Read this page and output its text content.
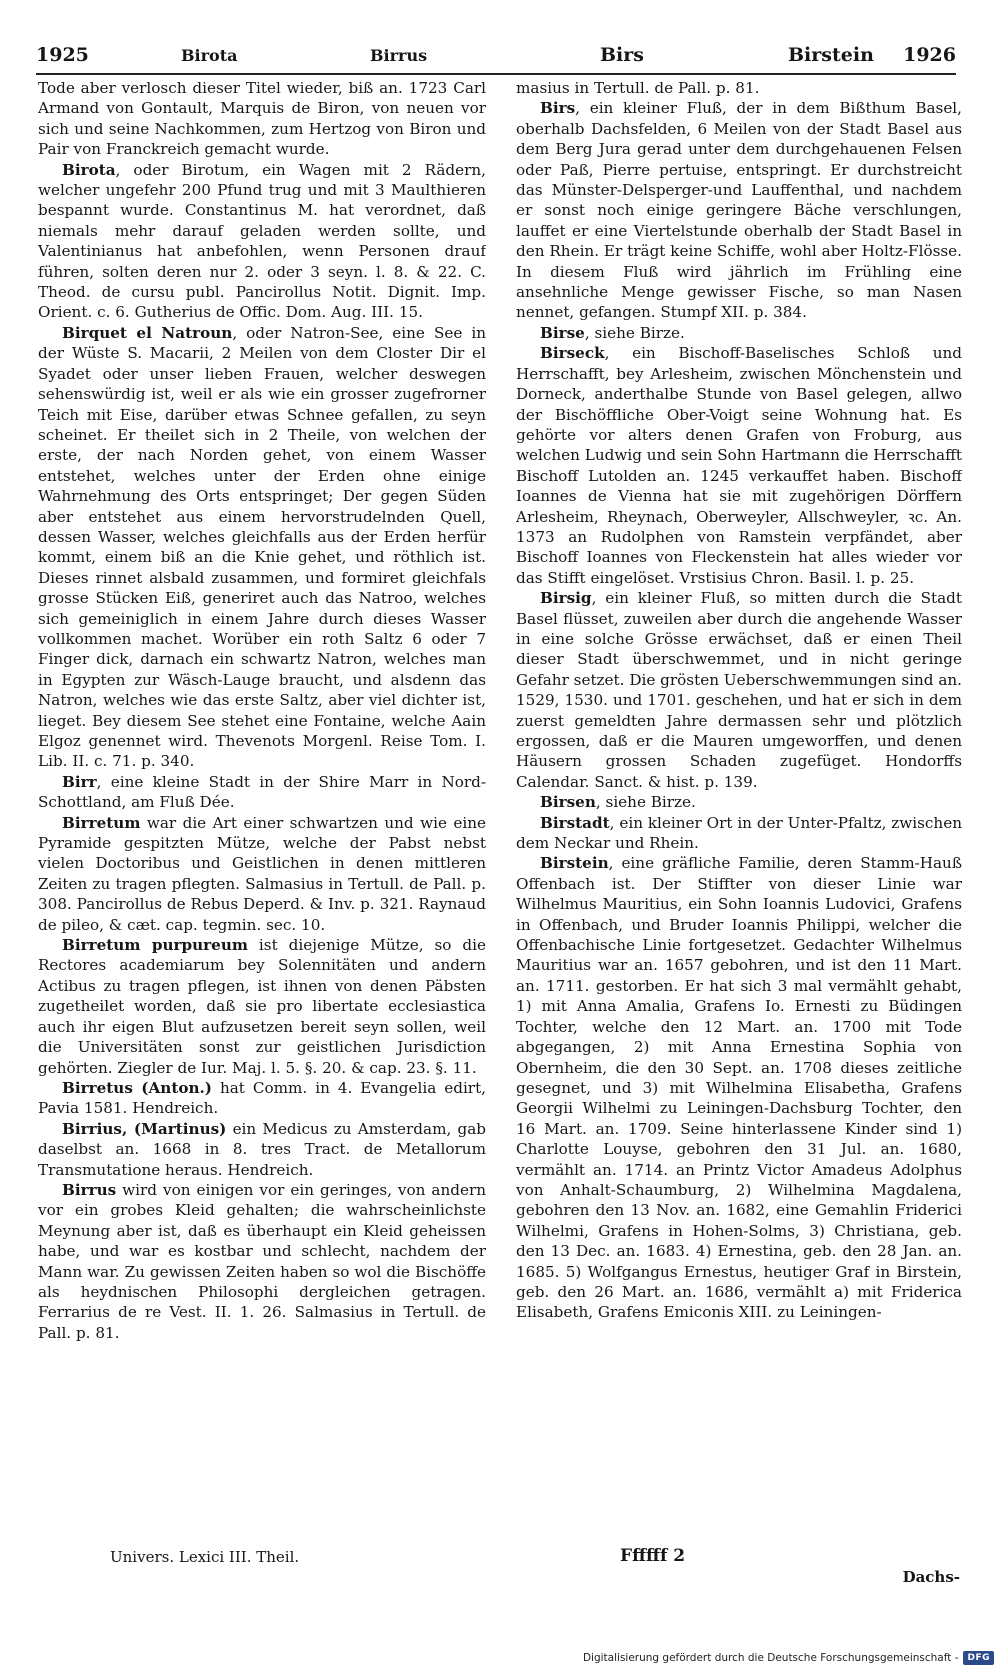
1925	Birota	Birrus	Birs	Birstein 1926

Tode aber verlosch dieser Titel wieder, biß an. 1723 Carl Armand von Gontault, Marquis de Biron, von neuen vor sich und seine Nachkommen, zum Hertzog von Biron und Pair von Franckreich gemacht wurde.

Birota, oder Birotum, ein Wagen mit 2 Rädern, welcher ungefehr 200 Pfund trug und mit 3 Maulthieren bespannt wurde. Constantinus M. hat verordnet, daß niemals mehr darauf geladen werden sollte, und Valentinianus hat anbefohlen, wenn Personen drauf führen, solten deren nur 2. oder 3 seyn. l. 8. & 22. C. Theod. de cursu publ. Pancirollus Notit. Dignit. Imp. Orient. c. 6. Gutherius de Offic. Dom. Aug. III. 15.

Birquet el Natroun, oder Natron-See, eine See in der Wüste S. Macarii, 2 Meilen von dem Closter Dir el Syadet oder unser lieben Frauen, welcher deswegen sehenswürdig ist, weil er als wie ein grosser zugefrorner Teich mit Eise, darüber etwas Schnee gefallen, zu seyn scheinet. Er theilet sich in 2 Theile, von welchen der erste, der nach Norden gehet, von einem Wasser entstehet, welches unter der Erden ohne einige Wahrnehmung des Orts entspringet; Der gegen Süden aber entstehet aus einem hervorstrudelnden Quell, dessen Wasser, welches gleichfalls aus der Erden herfür kommt, einem biß an die Knie gehet, und röthlich ist. Dieses rinnet alsbald zusammen, und formiret gleichfals grosse Stücken Eiß, generiret auch das Natroo, welches sich gemeiniglich in einem Jahre durch dieses Wasser vollkommen machet. Worüber ein roth Saltz 6 oder 7 Finger dick, darnach ein schwartz Natron, welches man in Egypten zur Wäsch-Lauge braucht, und alsdenn das Natron, welches wie das erste Saltz, aber viel dichter ist, lieget. Bey diesem See stehet eine Fontaine, welche Aain Elgoz genennet wird. Thevenots Morgenl. Reise Tom. I. Lib. II. c. 71. p. 340.

Birr, eine kleine Stadt in der Shire Marr in Nord-Schottland, am Fluß Dée.

Birretum war die Art einer schwartzen und wie eine Pyramide gespitzten Mütze, welche der Pabst nebst vielen Doctoribus und Geistlichen in denen mittleren Zeiten zu tragen pflegten. Salmasius in Tertull. de Pall. p. 308. Pancirollus de Rebus Deperd. & Inv. p. 321. Raynaud de pileo, & cæt. cap. tegmin. sec. 10.

Birretum purpureum ist diejenige Mütze, so die Rectores academiarum bey Solennitäten und andern Actibus zu tragen pflegen, ist ihnen von denen Päbsten zugetheilet worden, daß sie pro libertate ecclesiastica auch ihr eigen Blut aufzusetzen bereit seyn sollen, weil die Universitäten sonst zur geistlichen Jurisdiction gehörten. Ziegler de Iur. Maj. l. 5. §. 20. & cap. 23. §. 11.

Birretus (Anton.) hat Comm. in 4. Evangelia edirt, Pavia 1581. Hendreich.

Birrius, (Martinus) ein Medicus zu Amsterdam, gab daselbst an. 1668 in 8. tres Tract. de Metallorum Transmutatione heraus. Hendreich.

Birrus wird von einigen vor ein geringes, von andern vor ein grobes Kleid gehalten; die wahrscheinlichste Meynung aber ist, daß es überhaupt ein Kleid geheissen habe, und war es kostbar und schlecht, nachdem der Mann war. Zu gewissen Zeiten haben so wol die Bischöffe als heydnischen Philosophi dergleichen getragen. Ferrarius de re Vest. II. 1. 26. Salmasius in Tertull. de Pall. p. 81.

masius in Tertull. de Pall. p. 81.

Birs, ein kleiner Fluß, der in dem Bißthum Basel, oberhalb Dachsfelden, 6 Meilen von der Stadt Basel aus dem Berg Jura gerad unter dem durchgehauenen Felsen oder Paß, Pierre pertuise, entspringt. Er durchstreicht das Münster-Delsperger-und Lauffenthal, und nachdem er sonst noch einige geringere Bäche verschlungen, lauffet er eine Viertelstunde oberhalb der Stadt Basel in den Rhein. Er trägt keine Schiffe, wohl aber Holtz-Flösse. In diesem Fluß wird jährlich im Frühling eine ansehnliche Menge gewisser Fische, so man Nasen nennet, gefangen. Stumpf XII. p. 384.

Birse, siehe Birze.

Birseck, ein Bischoff-Baselisches Schloß und Herrschafft, bey Arlesheim, zwischen Mönchenstein und Dorneck, anderthalbe Stunde von Basel gelegen, allwo der Bischöffliche Ober-Voigt seine Wohnung hat. Es gehörte vor alters denen Grafen von Froburg, aus welchen Ludwig und sein Sohn Hartmann die Herrschafft Bischoff Lutolden an. 1245 verkauffet haben. Bischoff Ioannes de Vienna hat sie mit zugehörigen Dörffern Arlesheim, Rheynach, Oberweyler, Allschweyler, ꝛc. An. 1373 an Rudolphen von Ramstein verpfändet, aber Bischoff Ioannes von Fleckenstein hat alles wieder vor das Stifft eingelöset. Vrstisius Chron. Basil. l. p. 25.

Birsig, ein kleiner Fluß, so mitten durch die Stadt Basel flüsset, zuweilen aber durch die angehende Wasser in eine solche Grösse erwächset, daß er einen Theil dieser Stadt überschwemmet, und in nicht geringe Gefahr setzet. Die grösten Ueberschwemmungen sind an. 1529, 1530. und 1701. geschehen, und hat er sich in dem zuerst gemeldten Jahre dermassen sehr und plötzlich ergossen, daß er die Mauren umgeworffen, und denen Häusern grossen Schaden zugefüget. Hondorffs Calendar. Sanct. & hist. p. 139.

Birsen, siehe Birze.

Birstadt, ein kleiner Ort in der Unter-Pfaltz, zwischen dem Neckar und Rhein.

Birstein, eine gräfliche Familie, deren Stamm-Hauß Offenbach ist. Der Stiffter von dieser Linie war Wilhelmus Mauritius, ein Sohn Ioannis Ludovici, Grafens in Offenbach, und Bruder Ioannis Philippi, welcher die Offenbachische Linie fortgesetzet. Gedachter Wilhelmus Mauritius war an. 1657 gebohren, und ist den 11 Mart. an. 1711. gestorben. Er hat sich 3 mal vermählt gehabt, 1) mit Anna Amalia, Grafens Io. Ernesti zu Büdingen Tochter, welche den 12 Mart. an. 1700 mit Tode abgegangen, 2) mit Anna Ernestina Sophia von Obernheim, die den 30 Sept. an. 1708 dieses zeitliche gesegnet, und 3) mit Wilhelmina Elisabetha, Grafens Georgii Wilhelmi zu Leiningen-Dachsburg Tochter, den 16 Mart. an. 1709. Seine hinterlassene Kinder sind 1) Charlotte Louyse, gebohren den 31 Jul. an. 1680, vermählt an. 1714. an Printz Victor Amadeus Adolphus von Anhalt-Schaumburg, 2) Wilhelmina Magdalena, gebohren den 13 Nov. an. 1682, eine Gemahlin Friderici Wilhelmi, Grafens in Hohen-Solms, 3) Christiana, geb. den 13 Dec. an. 1683. 4) Ernestina, geb. den 28 Jan. an. 1685. 5) Wolfgangus Ernestus, heutiger Graf in Birstein, geb. den 26 Mart. an. 1686, vermählt a) mit Friderica Elisabeth, Grafens Emiconis XIII. zu Leiningen-

Univers. Lexici III. Theil.	Ffffff 2
Dachs-
Digitalisierung gefördert durch die Deutsche Forschungsgemeinschaft -	DFG
